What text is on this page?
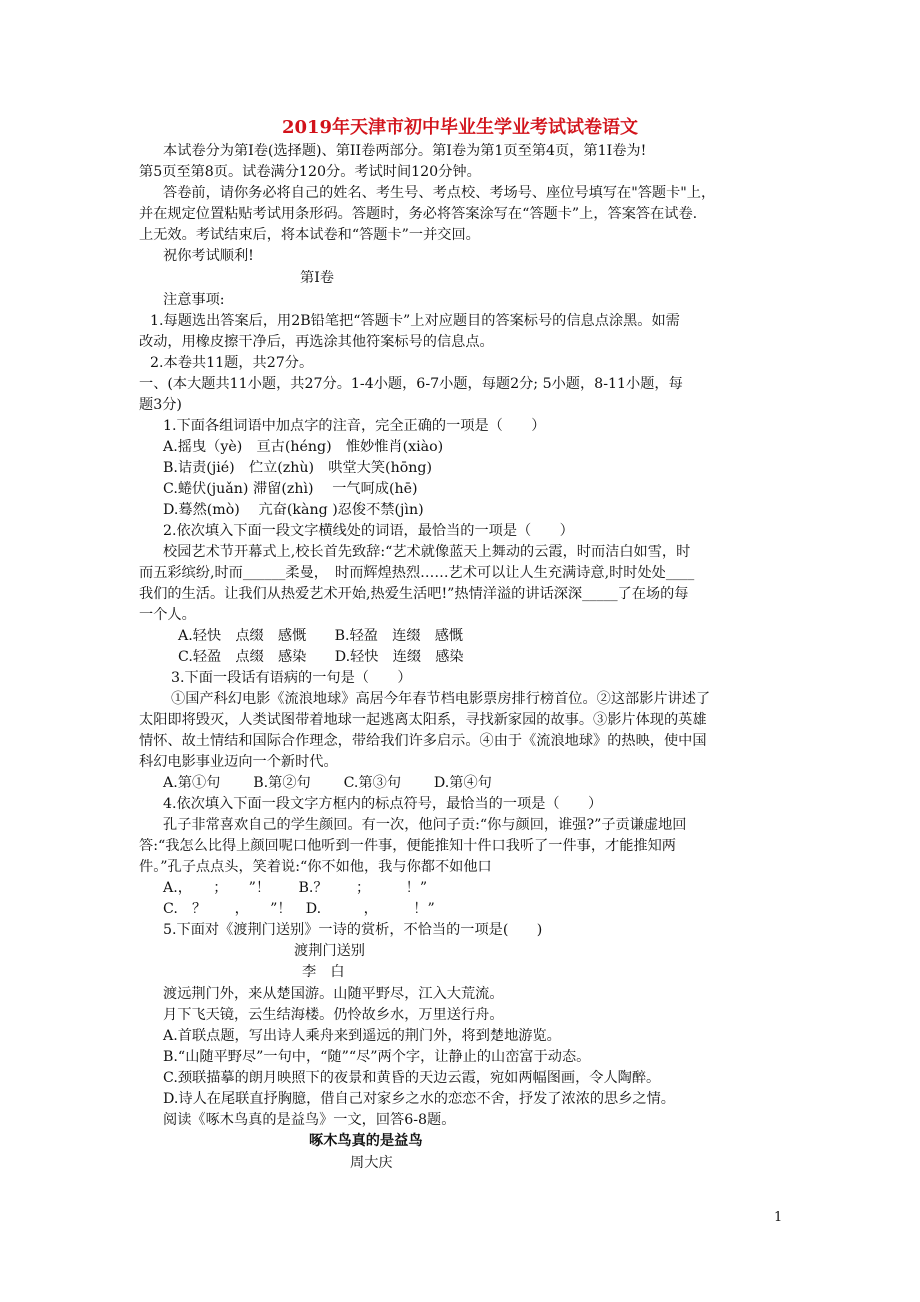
2019年天津市初中毕业生学业考试试卷语文
本试卷分为第Ⅰ卷(选择题)、第II卷两部分。第Ⅰ卷为第1页至第4页，第1I卷为!
第5页至第8页。试卷满分120分。考试时间120分钟。
答卷前，请你务必将自己的姓名、考生号、考点校、考场号、座位号填写在"答题卡"上，
并在规定位置粘贴考试用条形码。答题时，务必将答案涂写在“答题卡”上，答案答在试卷.
上无效。考试结束后，将本试卷和“答题卡”一并交回。
祝你考试顺利!
第Ⅰ卷
注意事项:
1.每题选出答案后，用2B铅笔把“答题卡”上对应题目的答案标号的信息点涂黑。如需
改动，用橡皮擦干净后，再选涂其他符案标号的信息点。
2.本卷共11题，共27分。
一、(本大题共11小题，共27分。1-4小题，6-7小题，每题2分; 5小题，8-11小题，每
题3分)
1.下面各组词语中加点字的注音，完全正确的一项是（　　）
A.摇曳（yè)　亘古(héng)　惟妙惟肖(xiào)
B.诘责(jié)　伫立(zhù)　哄堂大笑(hōng)
C.蜷伏(juǎn) 滞留(zhì)　 一气呵成(hē)
D.蓦然(mò)　 亢奋(kàng )忍俊不禁(jìn)
2.依次填入下面一段文字横线处的词语，最恰当的一项是（　　）
校园艺术节开幕式上,校长首先致辞:“艺术就像蓝天上舞动的云霞，时而洁白如雪，时
而五彩缤纷,时而______柔曼，　时而辉煌热烈……艺术可以让人生充满诗意,时时处处____
我们的生活。让我们从热爱艺术开始,热爱生活吧!”热情洋溢的讲话深深_____了在场的每
一个人。
A.轻快　点缀　感慨　　B.轻盈　连缀　感慨
C.轻盈　点缀　感染　　D.轻快　连缀　感染
3.下面一段话有语病的一句是（　　）
①国产科幻电影《流浪地球》高居今年春节档电影票房排行榜首位。②这部影片讲述了
太阳即将毁灭，人类试图带着地球一起逃离太阳系，寻找新家园的故事。③影片体现的英雄
情怀、故土情结和国际合作理念，带给我们许多启示。④由于《流浪地球》的热映，使中国
科幻电影事业迈向一个新时代。
A.第①句　　 B.第②句　　 C.第③句　　 D.第④句
4.依次填入下面一段文字方框内的标点符号，最恰当的一项是（　　）
孔子非常喜欢自己的学生颜回。有一次，他问子贡:“你与颜回，谁强?”子贡谦虚地回
答:“我怎么比得上颜回呢口他听到一件事，便能推知十件口我听了一件事，才能推知两
件。”孔子点点头，笑着说:“你不如他，我与你都不如他口
A.，　　；　　”！　　B.？　　；　　　！”
C.　？　　，　　”！　D.　　　，　　　！”
5.下面对《渡荆门送别》一诗的赏析，不恰当的一项是(　　)
渡荆门送别
李　白
渡远荆门外，来从楚国游。山随平野尽，江入大荒流。
月下飞天镜，云生结海楼。仍怜故乡水，万里送行舟。
A.首联点题，写出诗人乘舟来到遥远的荆门外，将到楚地游览。
B.“山随平野尽”一句中，“随”“尽”两个字，让静止的山峦富于动态。
C.颈联描摹的朗月映照下的夜景和黄昏的天边云霞，宛如两幅图画，令人陶醉。
D.诗人在尾联直抒胸臆，借自己对家乡之水的恋恋不舍，抒发了浓浓的思乡之情。
阅读《啄木鸟真的是益鸟》一文，回答6-8题。
啄木鸟真的是益鸟
周大庆
1
